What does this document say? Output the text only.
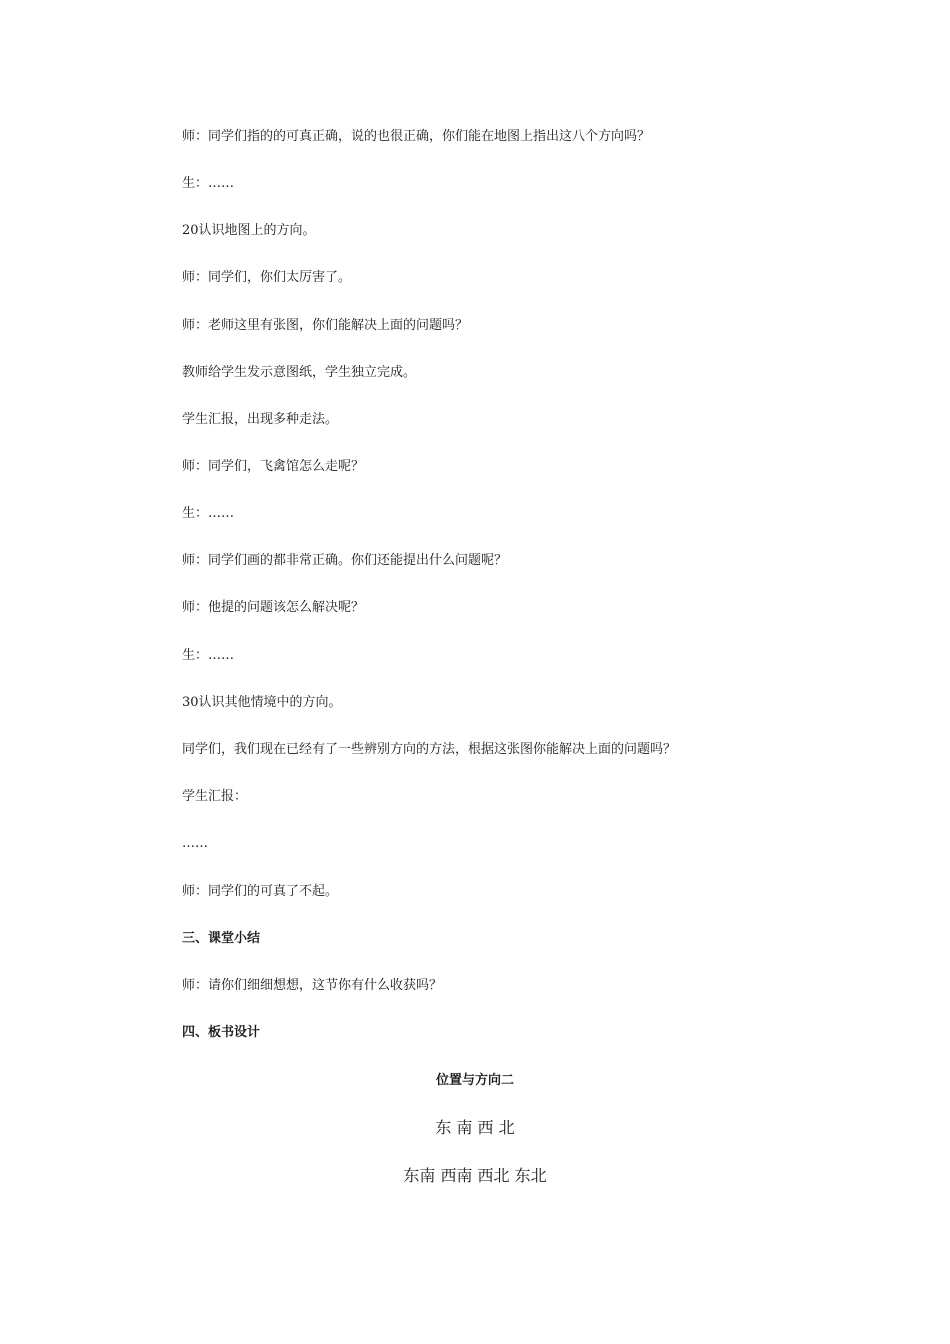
师：同学们指的的可真正确，说的也很正确，你们能在地图上指出这八个方向吗？
生：……
20认识地图上的方向。
师：同学们，你们太厉害了。
师：老师这里有张图，你们能解决上面的问题吗？
教师给学生发示意图纸，学生独立完成。
学生汇报，出现多种走法。
师：同学们，飞禽馆怎么走呢？
生：……
师：同学们画的都非常正确。你们还能提出什么问题呢？
师：他提的问题该怎么解决呢？
生：……
30认识其他情境中的方向。
同学们，我们现在已经有了一些辨别方向的方法，根据这张图你能解决上面的问题吗？
学生汇报：
……
师：同学们的可真了不起。
三、课堂小结
师：请你们细细想想，这节你有什么收获吗？
四、板书设计
位置与方向二
东 南 西 北
东南 西南 西北 东北
